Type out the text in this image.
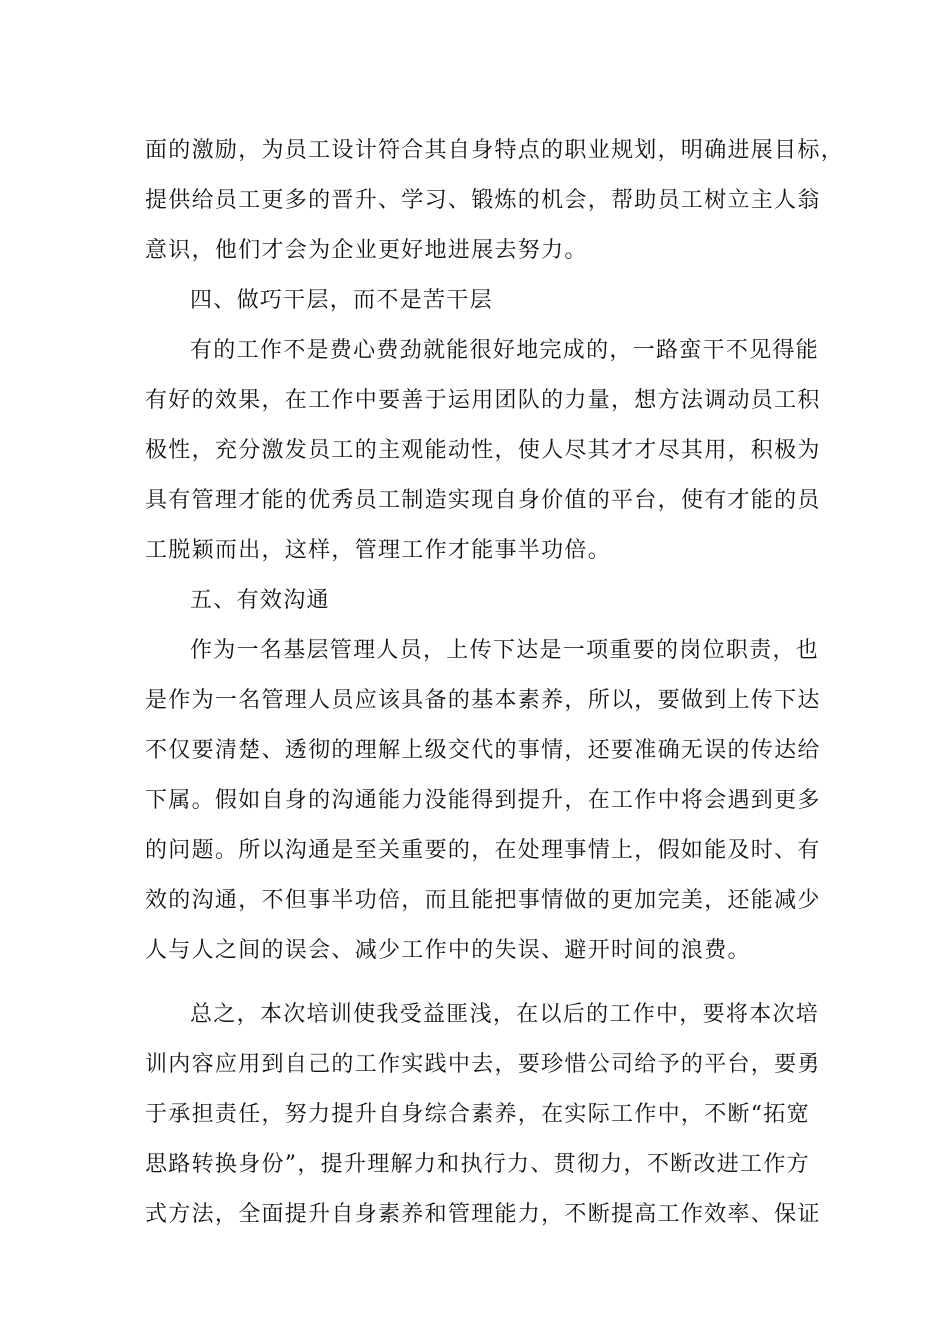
面的激励，为员工设计符合其自身特点的职业规划，明确进展目标，
提供给员工更多的晋升、学习、锻炼的机会，帮助员工树立主人翁
意识，他们才会为企业更好地进展去努力。
四、做巧干层，而不是苦干层
有的工作不是费心费劲就能很好地完成的，一路蛮干不见得能
有好的效果，在工作中要善于运用团队的力量，想方法调动员工积
极性，充分激发员工的主观能动性，使人尽其才才尽其用，积极为
具有管理才能的优秀员工制造实现自身价值的平台，使有才能的员
工脱颖而出，这样，管理工作才能事半功倍。
五、有效沟通
作为一名基层管理人员，上传下达是一项重要的岗位职责，也
是作为一名管理人员应该具备的基本素养，所以，要做到上传下达
不仅要清楚、透彻的理解上级交代的事情，还要准确无误的传达给
下属。假如自身的沟通能力没能得到提升，在工作中将会遇到更多
的问题。所以沟通是至关重要的，在处理事情上，假如能及时、有
效的沟通，不但事半功倍，而且能把事情做的更加完美，还能减少
人与人之间的误会、减少工作中的失误、避开时间的浪费。
总之，本次培训使我受益匪浅，在以后的工作中，要将本次培
训内容应用到自己的工作实践中去，要珍惜公司给予的平台，要勇
于承担责任，努力提升自身综合素养，在实际工作中，不断“拓宽
思路转换身份”，提升理解力和执行力、贯彻力，不断改进工作方
式方法，全面提升自身素养和管理能力，不断提高工作效率、保证
